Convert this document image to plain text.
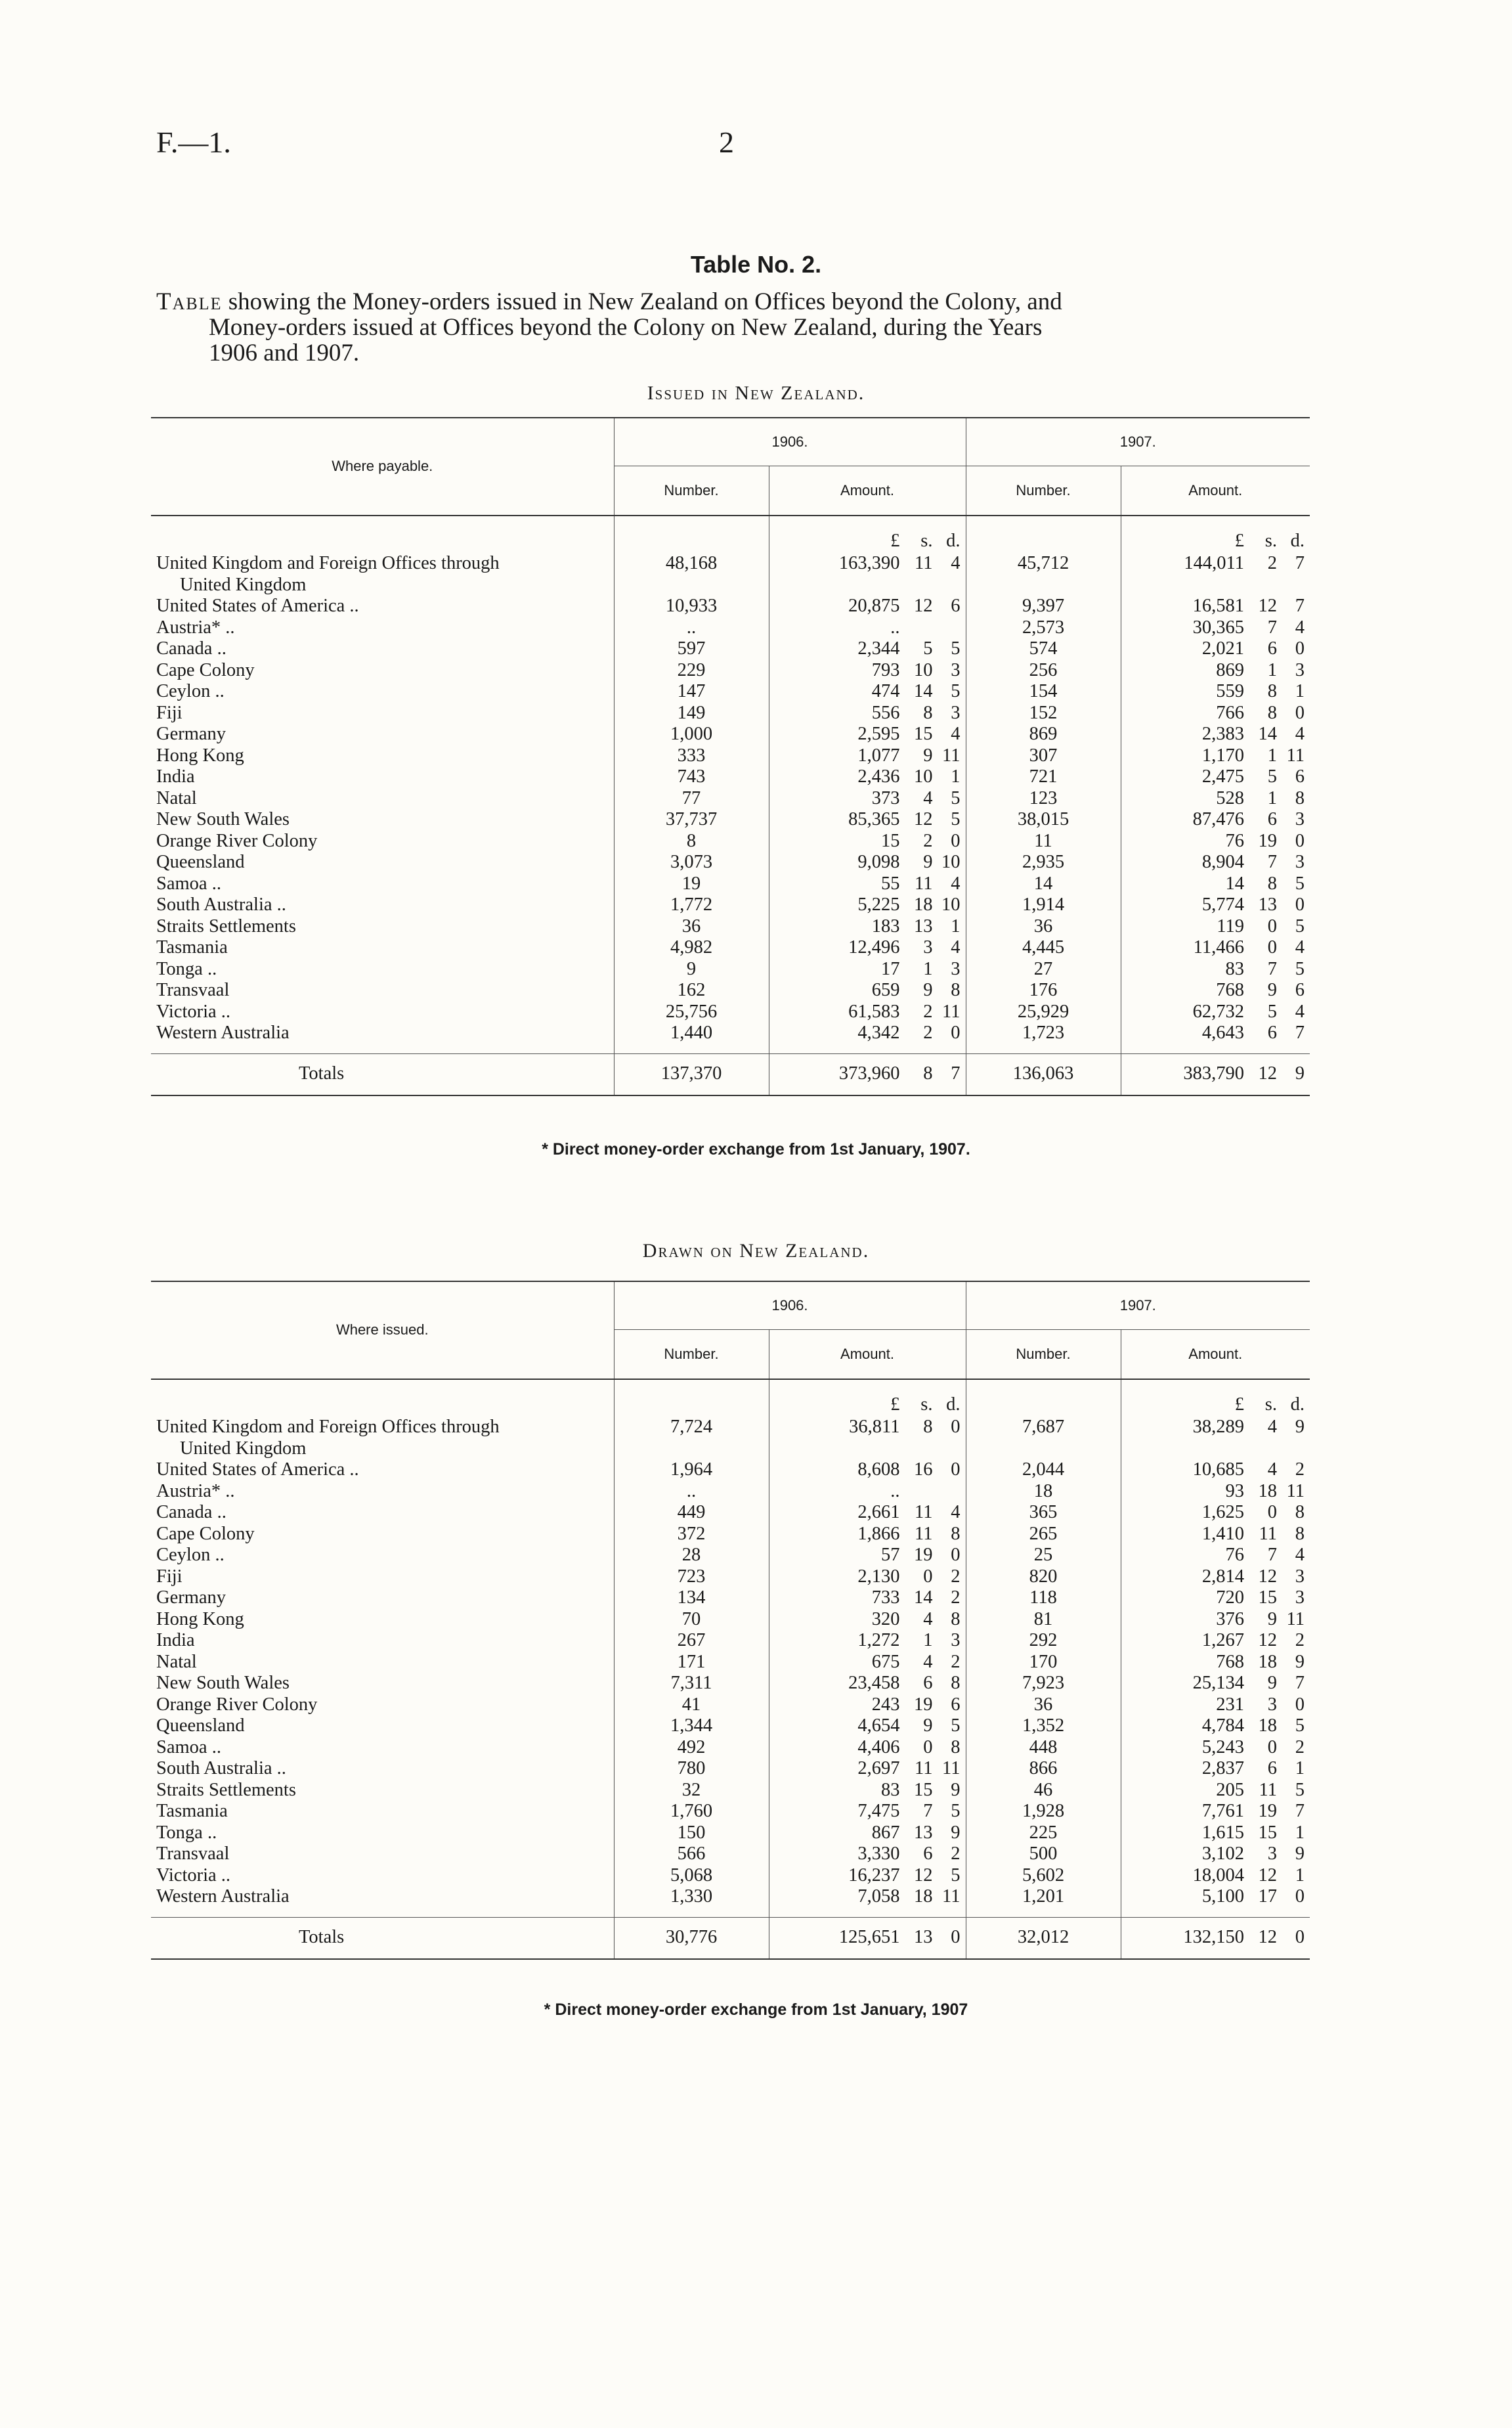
F.—1.	2
Table No. 2.
Table showing the Money-orders issued in New Zealand on Offices beyond the Colony, and
Money-orders issued at Offices beyond the Colony on New Zealand, during the Years
1906 and 1907.
Issued in New Zealand.
Where payable.	1906.		1907.	
	Number.	Amount.	Number.	Amount.

		£ s. d.		£ s. d.

United Kingdom and Foreign Offices through
United Kingdom	48,168	163,390 11 4	45,712	144,011 2 7

United States of America ..	10,933	20,875 12 6	9,397	16,581 12 7

Austria* ..	..	..	2,573	30,365 7 4

Canada ..	597	2,344 5 5	574	2,021 6 0

Cape Colony	229	793 10 3	256	869 1 3

Ceylon ..	147	474 14 5	154	559 8 1

Fiji	149	556 8 3	152	766 8 0

Germany	1,000	2,595 15 4	869	2,383 14 4

Hong Kong	333	1,077 9 11	307	1,170 1 11

India	743	2,436 10 1	721	2,475 5 6

Natal	77	373 4 5	123	528 1 8

New South Wales	37,737	85,365 12 5	38,015	87,476 6 3

Orange River Colony	8	15 2 0	11	76 19 0

Queensland	3,073	9,098 9 10	2,935	8,904 7 3

Samoa ..	19	55 11 4	14	14 8 5

South Australia ..	1,772	5,225 18 10	1,914	5,774 13 0

Straits Settlements	36	183 13 1	36	119 0 5

Tasmania	4,982	12,496 3 4	4,445	11,466 0 4

Tonga ..	9	17 1 3	27	83 7 5

Transvaal	162	659 9 8	176	768 9 6

Victoria ..	25,756	61,583 2 11	25,929	62,732 5 4

Western Australia	1,440	4,342 2 0	1,723	4,643 6 7

Totals	137,370	373,960 8 7	136,063	383,790 12 9
* Direct money-order exchange from 1st January, 1907.
Drawn on New Zealand.
Where issued.	1906.		1907.	
	Number.	Amount.	Number.	Amount.

		£ s. d.		£ s. d.

United Kingdom and Foreign Offices through
United Kingdom	7,724	36,811 8 0	7,687	38,289 4 9

United States of America ..	1,964	8,608 16 0	2,044	10,685 4 2

Austria* ..	..	..	18	93 18 11

Canada ..	449	2,661 11 4	365	1,625 0 8

Cape Colony	372	1,866 11 8	265	1,410 11 8

Ceylon ..	28	57 19 0	25	76 7 4

Fiji	723	2,130 0 2	820	2,814 12 3

Germany	134	733 14 2	118	720 15 3

Hong Kong	70	320 4 8	81	376 9 11

India	267	1,272 1 3	292	1,267 12 2

Natal	171	675 4 2	170	768 18 9

New South Wales	7,311	23,458 6 8	7,923	25,134 9 7

Orange River Colony	41	243 19 6	36	231 3 0

Queensland	1,344	4,654 9 5	1,352	4,784 18 5

Samoa ..	492	4,406 0 8	448	5,243 0 2

South Australia ..	780	2,697 11 11	866	2,837 6 1

Straits Settlements	32	83 15 9	46	205 11 5

Tasmania	1,760	7,475 7 5	1,928	7,761 19 7

Tonga ..	150	867 13 9	225	1,615 15 1

Transvaal	566	3,330 6 2	500	3,102 3 9

Victoria ..	5,068	16,237 12 5	5,602	18,004 12 1

Western Australia	1,330	7,058 18 11	1,201	5,100 17 0

Totals	30,776	125,651 13 0	32,012	132,150 12 0
* Direct money-order exchange from 1st January, 1907
